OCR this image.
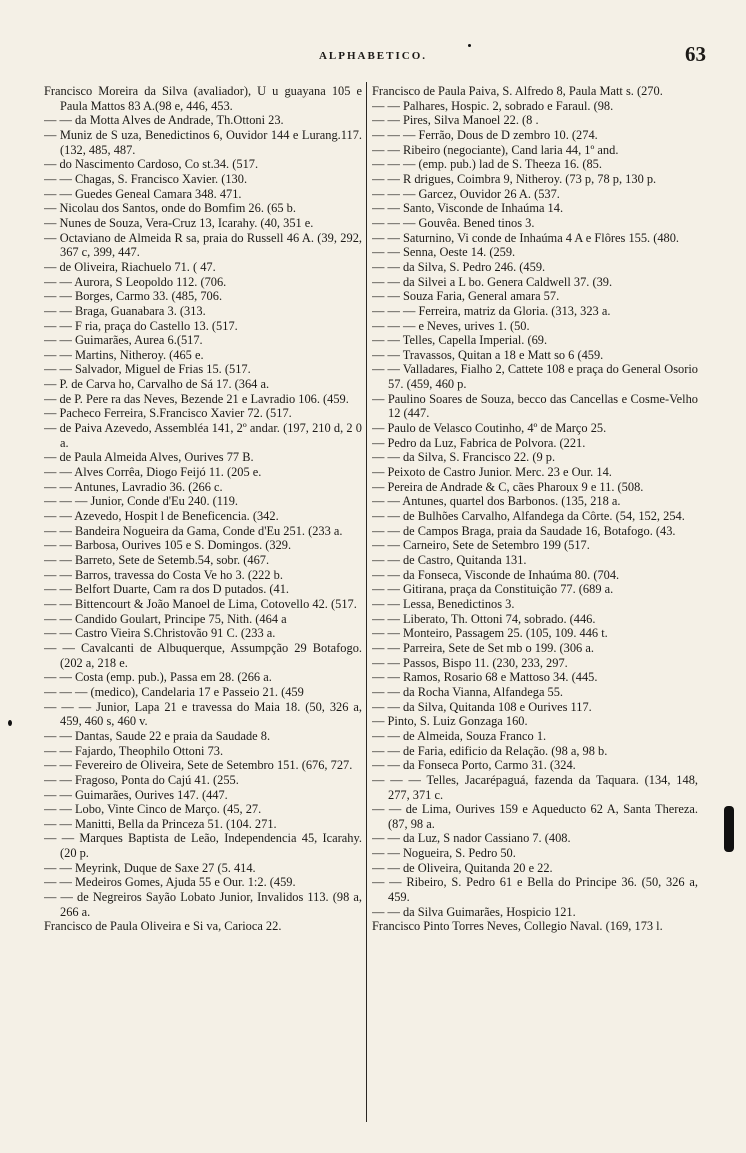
ALPHABETICO.	63

Francisco Moreira da Silva (avaliador), U u guayana 105 e Paula Mattos 83 A.(98 e, 446, 453.

— — da Motta Alves de Andrade, Th.Ottoni 23.

— Muniz de S uza, Benedictinos 6, Ouvidor 144 e Lurang.117.(132, 485, 487.

— do Nascimento Cardoso, Co st.34. (517.

— — Chagas, S. Francisco Xavier. (130.

— — Guedes Geneal Camara 348. 471.

— Nicolau dos Santos, onde do Bomfim 26. (65 b.

— Nunes de Souza, Vera-Cruz 13, Icarahy. (40, 351 e.

— Octaviano de Almeida R sa, praia do Russell 46 A. (39, 292, 367 c, 399, 447.

— de Oliveira, Riachuelo 71. ( 47.

— — Aurora, S Leopoldo 112. (706.

— — Borges, Carmo 33. (485, 706.

— — Braga, Guanabara 3. (313.

— — F ria, praça do Castello 13. (517.

— — Guimarães, Aurea 6.(517.

— — Martins, Nitheroy. (465 e.

— — Salvador, Miguel de Frias 15. (517.

— P. de Carva ho, Carvalho de Sá 17. (364 a.

— de P. Pere ra das Neves, Bezende 21 e Lavradio 106. (459.

— Pacheco Ferreira, S.Francisco Xavier 72. (517.

— de Paiva Azevedo, Assembléa 141, 2º andar. (197, 210 d, 2 0 a.

— de Paula Almeida Alves, Ourives 77 B.

— — Alves Corrêa, Diogo Feijó 11. (205 e.

— — Antunes, Lavradio 36. (266 c.

— — — Junior, Conde d'Eu 240. (119.

— — Azevedo, Hospit l de Beneficencia. (342.

— — Bandeira Nogueira da Gama, Conde d'Eu 251. (233 a.

— — Barbosa, Ourives 105 e S. Domingos. (329.

— — Barreto, Sete de Setemb.54, sobr. (467.

— — Barros, travessa do Costa Ve ho 3. (222 b.

— — Belfort Duarte, Cam ra dos D putados. (41.

— — Bittencourt & João Manoel de Lima, Cotovello 42. (517.

— — Candido Goulart, Principe 75, Nith. (464 a

— — Castro Vieira S.Christovão 91 C. (233 a.

— — Cavalcanti de Albuquerque, Assumpção 29 Botafogo. (202 a, 218 e.

— — Costa (emp. pub.), Passa em 28. (266 a.

— — — (medico), Candelaria 17 e Passeio 21. (459

— — — Junior, Lapa 21 e travessa do Maia 18. (50, 326 a, 459, 460 s, 460 v.

— — Dantas, Saude 22 e praia da Saudade 8.

— — Fajardo, Theophilo Ottoni 73.

— — Fevereiro de Oliveira, Sete de Setembro 151. (676, 727.

— — Fragoso, Ponta do Cajú 41. (255.

— — Guimarães, Ourives 147. (447.

— — Lobo, Vinte Cinco de Março. (45, 27.

— — Manitti, Bella da Princeza 51. (104. 271.

— — Marques Baptista de Leão, Independencia 45, Icarahy. (20 p.

— — Meyrink, Duque de Saxe 27 (5. 414.

— — Medeiros Gomes, Ajuda 55 e Our. 1:2. (459.

— — de Negreiros Sayão Lobato Junior, Invalidos 113. (98 a, 266 a.

Francisco de Paula Oliveira e Si va, Carioca 22.

Francisco de Paula Paiva, S. Alfredo 8, Paula Matt s. (270.

— — Palhares, Hospic. 2, sobrado e Faraul. (98.

— — Pires, Silva Manoel 22. (8 .

— — — Ferrão, Dous de D zembro 10. (274.

— — Ribeiro (negociante), Cand laria 44, 1º and.

— — — (emp. pub.) lad de S. Theeza 16. (85.

— — R drigues, Coimbra 9, Nitheroy. (73 p, 78 p, 130 p.

— — — Garcez, Ouvidor 26 A. (537.

— — Santo, Visconde de Inhaúma 14.

— — — Gouvêa. Bened tinos 3.

— — Saturnino, Vi conde de Inhaúma 4 A e Flôres 155. (480.

— — Senna, Oeste 14. (259.

— — da Silva, S. Pedro 246. (459.

— — da Silvei a L bo. Genera Caldwell 37. (39.

— — Souza Faria, General amara 57.

— — — Ferreira, matriz da Gloria. (313, 323 a.

— — — e Neves, urives 1. (50.

— — Telles, Capella Imperial. (69.

— — Travassos, Quitan a 18 e Matt so 6 (459.

— — Valladares, Fialho 2, Cattete 108 e praça do General Osorio 57. (459, 460 p.

— Paulino Soares de Souza, becco das Cancellas e Cosme-Velho 12 (447.

— Paulo de Velasco Coutinho, 4º de Março 25.

— Pedro da Luz, Fabrica de Polvora. (221.

— — da Silva, S. Francisco 22. (9 p.

— Peixoto de Castro Junior. Merc. 23 e Our. 14.

— Pereira de Andrade & C, cães Pharoux 9 e 11. (508.

— — Antunes, quartel dos Barbonos. (135, 218 a.

— — de Bulhões Carvalho, Alfandega da Côrte. (54, 152, 254.

— — de Campos Braga, praia da Saudade 16, Botafogo. (43.

— — Carneiro, Sete de Setembro 199 (517.

— — de Castro, Quitanda 131.

— — da Fonseca, Visconde de Inhaúma 80. (704.

— — Gitirana, praça da Constituição 77. (689 a.

— — Lessa, Benedictinos 3.

— — Liberato, Th. Ottoni 74, sobrado. (446.

— — Monteiro, Passagem 25. (105, 109. 446 t.

— — Parreira, Sete de Set mb o 199. (306 a.

— — Passos, Bispo 11. (230, 233, 297.

— — Ramos, Rosario 68 e Mattoso 34. (445.

— — da Rocha Vianna, Alfandega 55.

— — da Silva, Quitanda 108 e Ourives 117.

— Pinto, S. Luiz Gonzaga 160.

— — de Almeida, Souza Franco 1.

— — de Faria, edificio da Relação. (98 a, 98 b.

— — da Fonseca Porto, Carmo 31. (324.

— — — Telles, Jacarépaguá, fazenda da Taquara. (134, 148, 277, 371 c.

— — de Lima, Ourives 159 e Aqueducto 62 A, Santa Thereza. (87, 98 a.

— — da Luz, S nador Cassiano 7. (408.

— — Nogueira, S. Pedro 50.

— — de Oliveira, Quitanda 20 e 22.

— — Ribeiro, S. Pedro 61 e Bella do Principe 36. (50, 326 a, 459.

— — da Silva Guimarães, Hospicio 121.

Francisco Pinto Torres Neves, Collegio Naval. (169, 173 l.
